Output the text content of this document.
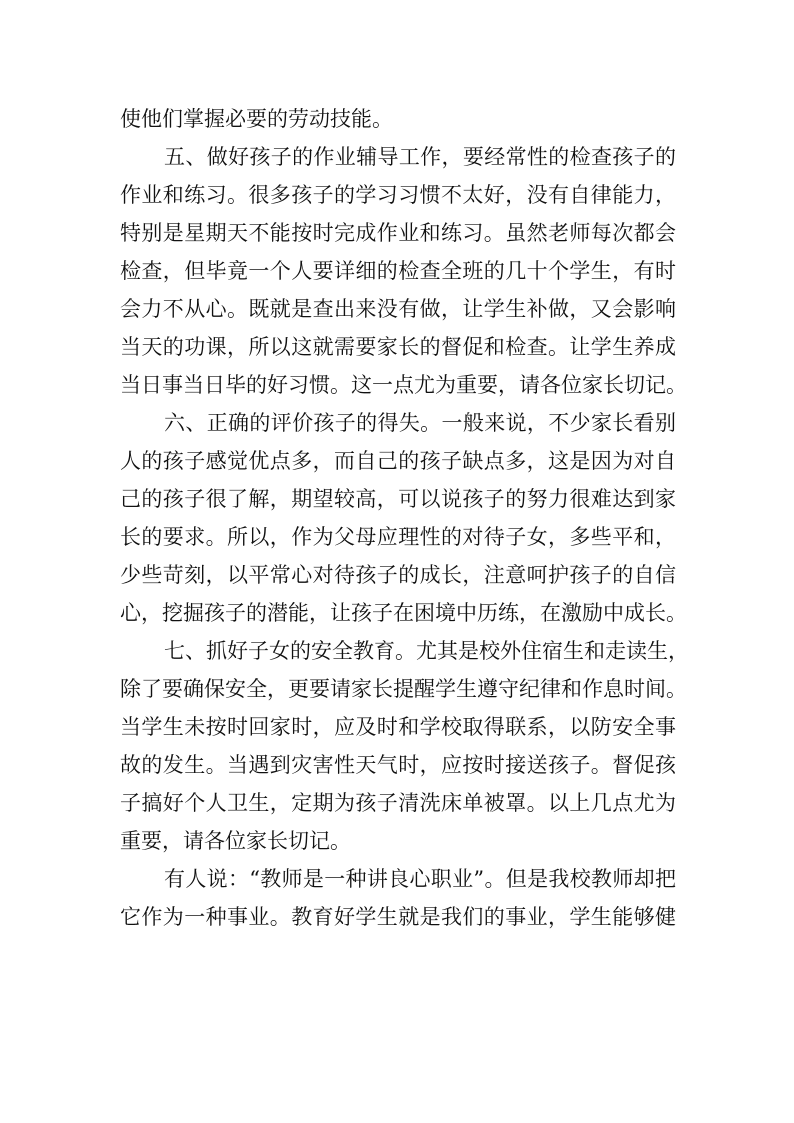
使他们掌握必要的劳动技能。
五、做好孩子的作业辅导工作，要经常性的检查孩子的
作业和练习。很多孩子的学习习惯不太好，没有自律能力，
特别是星期天不能按时完成作业和练习。虽然老师每次都会
检查，但毕竟一个人要详细的检查全班的几十个学生，有时
会力不从心。既就是查出来没有做，让学生补做，又会影响
当天的功课，所以这就需要家长的督促和检查。让学生养成
当日事当日毕的好习惯。这一点尤为重要，请各位家长切记。
六、正确的评价孩子的得失。一般来说，不少家长看别
人的孩子感觉优点多，而自己的孩子缺点多，这是因为对自
己的孩子很了解，期望较高，可以说孩子的努力很难达到家
长的要求。所以，作为父母应理性的对待子女，多些平和，
少些苛刻，以平常心对待孩子的成长，注意呵护孩子的自信
心，挖掘孩子的潜能，让孩子在困境中历练，在激励中成长。
七、抓好子女的安全教育。尤其是校外住宿生和走读生，
除了要确保安全，更要请家长提醒学生遵守纪律和作息时间。
当学生未按时回家时，应及时和学校取得联系，以防安全事
故的发生。当遇到灾害性天气时，应按时接送孩子。督促孩
子搞好个人卫生，定期为孩子清洗床单被罩。以上几点尤为
重要，请各位家长切记。
有人说：“教师是一种讲良心职业”。但是我校教师却把
它作为一种事业。教育好学生就是我们的事业，学生能够健
